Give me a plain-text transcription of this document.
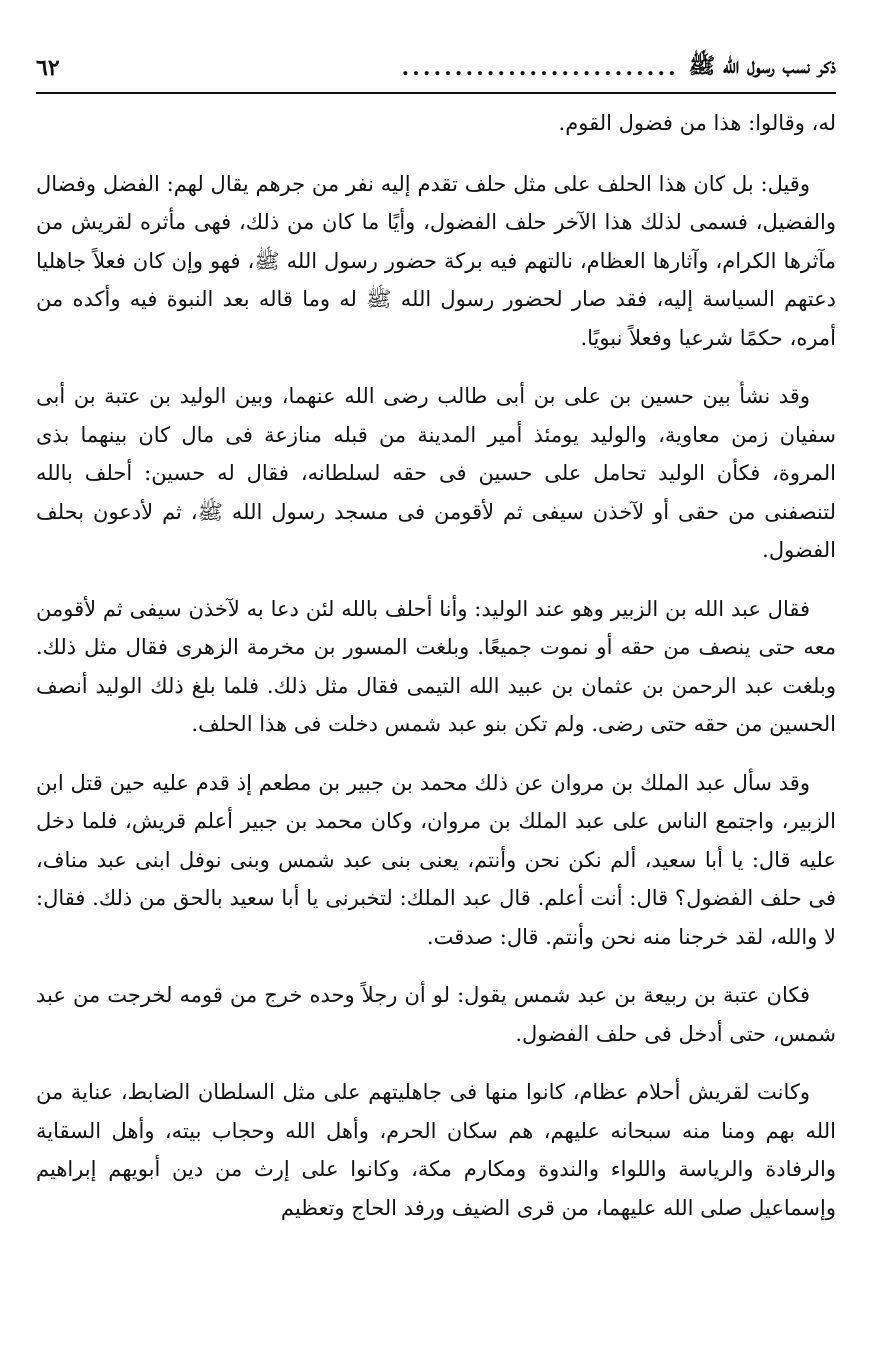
ذكر نسب رسول الله ﷺ
..........................
٦٢

له، وقالوا: هذا من فضول القوم.

وقيل: بل كان هذا الحلف على مثل حلف تقدم إليه نفر من جرهم يقال لهم: الفضل وفضال والفضيل، فسمى لذلك هذا الآخر حلف الفضول، وأيًا ما كان من ذلك، فهى مأثره لقريش من مآثرها الكرام، وآثارها العظام، نالتهم فيه بركة حضور رسول الله ﷺ، فهو وإن كان فعلاً جاهليا دعتهم السياسة إليه، فقد صار لحضور رسول الله ﷺ له وما قاله بعد النبوة فيه وأكده من أمره، حكمًا شرعيا وفعلاً نبويًا.

وقد نشأ بين حسين بن على بن أبى طالب رضى الله عنهما، وبين الوليد بن عتبة بن أبى سفيان زمن معاوية، والوليد يومئذ أمير المدينة من قبله منازعة فى مال كان بينهما بذى المروة، فكأن الوليد تحامل على حسين فى حقه لسلطانه، فقال له حسين: أحلف بالله لتنصفنى من حقى أو لآخذن سيفى ثم لأقومن فى مسجد رسول الله ﷺ، ثم لأدعون بحلف الفضول.

فقال عبد الله بن الزبير وهو عند الوليد: وأنا أحلف بالله لئن دعا به لآخذن سيفى ثم لأقومن معه حتى ينصف من حقه أو نموت جميعًا. وبلغت المسور بن مخرمة الزهرى فقال مثل ذلك. وبلغت عبد الرحمن بن عثمان بن عبيد الله التيمى فقال مثل ذلك. فلما بلغ ذلك الوليد أنصف الحسين من حقه حتى رضى. ولم تكن بنو عبد شمس دخلت فى هذا الحلف.

وقد سأل عبد الملك بن مروان عن ذلك محمد بن جبير بن مطعم إذ قدم عليه حين قتل ابن الزبير، واجتمع الناس على عبد الملك بن مروان، وكان محمد بن جبير أعلم قريش، فلما دخل عليه قال: يا أبا سعيد، ألم نكن نحن وأنتم، يعنى بنى عبد شمس وبنى نوفل ابنى عبد مناف، فى حلف الفضول؟ قال: أنت أعلم. قال عبد الملك: لتخبرنى يا أبا سعيد بالحق من ذلك. فقال: لا والله، لقد خرجنا منه نحن وأنتم. قال: صدقت.

فكان عتبة بن ربيعة بن عبد شمس يقول: لو أن رجلاً وحده خرج من قومه لخرجت من عبد شمس، حتى أدخل فى حلف الفضول.

وكانت لقريش أحلام عظام، كانوا منها فى جاهليتهم على مثل السلطان الضابط، عناية من الله بهم ومنا منه سبحانه عليهم، هم سكان الحرم، وأهل الله وحجاب بيته، وأهل السقاية والرفادة والرياسة واللواء والندوة ومكارم مكة، وكانوا على إرث من دين أبويهم إبراهيم وإسماعيل صلى الله عليهما، من قرى الضيف ورفد الحاج وتعظيم
